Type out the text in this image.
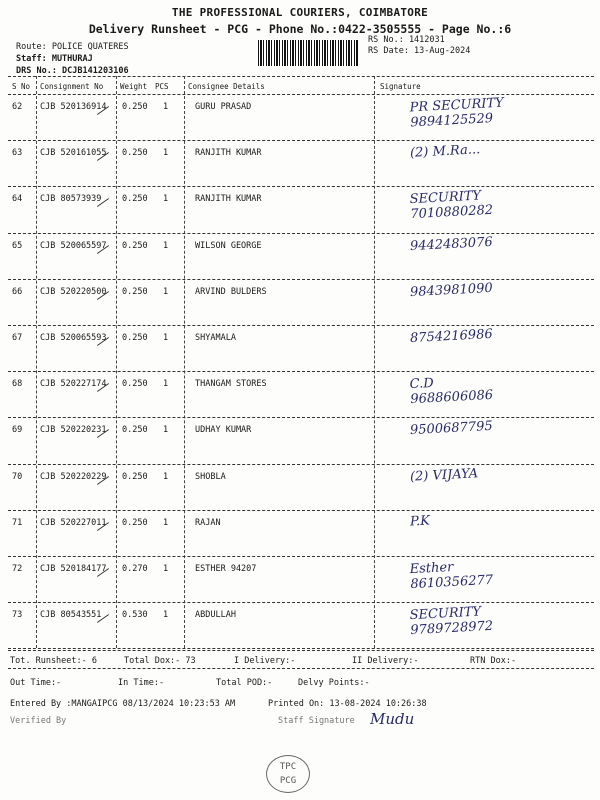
THE PROFESSIONAL COURIERS, COIMBATORE
Delivery Runsheet - PCG - Phone No.:0422-3505555 - Page No.:6
Route: POLICE QUATERES
Staff: MUTHURAJ
DRS No.: DCJB141203106
RS No.: 1412031
RS Date: 13-Aug-2024
S No Consignment No Weight PCS	Consignee Details	Signature
62 CJB 520136914 0.250 1	GURU PRASAD	PR SECURITY
9894125529
63 CJB 520161055 0.250 1	RANJITH KUMAR	(2) M.Ra...
64 CJB 80573939 0.250 1	RANJITH KUMAR	SECURITY
7010880282
65 CJB 520065597 0.250 1	WILSON GEORGE	9442483076
66 CJB 520220500 0.250 1	ARVIND BULDERS	9843981090
67 CJB 520065593 0.250 1	SHYAMALA	8754216986
68 CJB 520227174 0.250 1	THANGAM STORES	C.D
9688606086
69 CJB 520220231 0.250 1	UDHAY KUMAR	9500687795
70 CJB 520220229 0.250 1	SHOBLA	(2) VIJAYA
71 CJB 520227011 0.250 1	RAJAN	P.K
72 CJB 520184177 0.270 1	ESTHER 94207	Esther
8610356277
73 CJB 80543551 0.530 1	ABDULLAH	SECURITY
9789728972
Tot. Runsheet:- 6	Total Dox:- 73	I Delivery:-	II Delivery:-	RTN Dox:-
Out Time:-	In Time:-	Total POD:-	Delvy Points:-
Entered By :MANGAIPCG 08/13/2024 10:23:53 AM	Printed On: 13-08-2024 10:26:38
Verified By	Staff Signature Mudu
TPC
PCG
